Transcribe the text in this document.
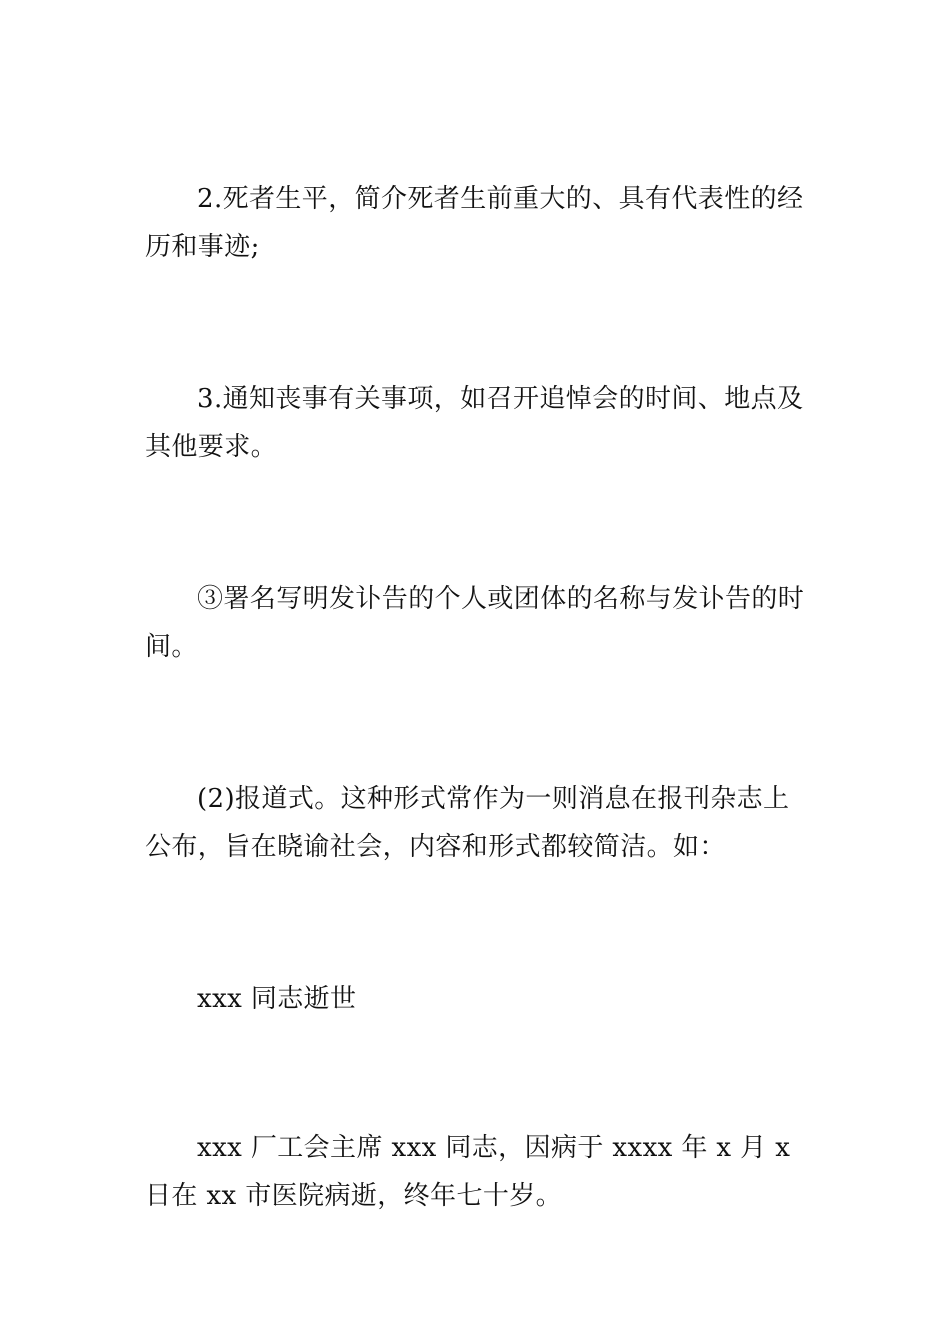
2.死者生平，简介死者生前重大的、具有代表性的经历和事迹;

3.通知丧事有关事项，如召开追悼会的时间、地点及其他要求。

③署名写明发讣告的个人或团体的名称与发讣告的时间。

(2)报道式。这种形式常作为一则消息在报刊杂志上公布，旨在晓谕社会，内容和形式都较简洁。如：

xxx 同志逝世

xxx 厂工会主席 xxx 同志，因病于 xxxx 年 x 月 x 日在 xx 市医院病逝，终年七十岁。
